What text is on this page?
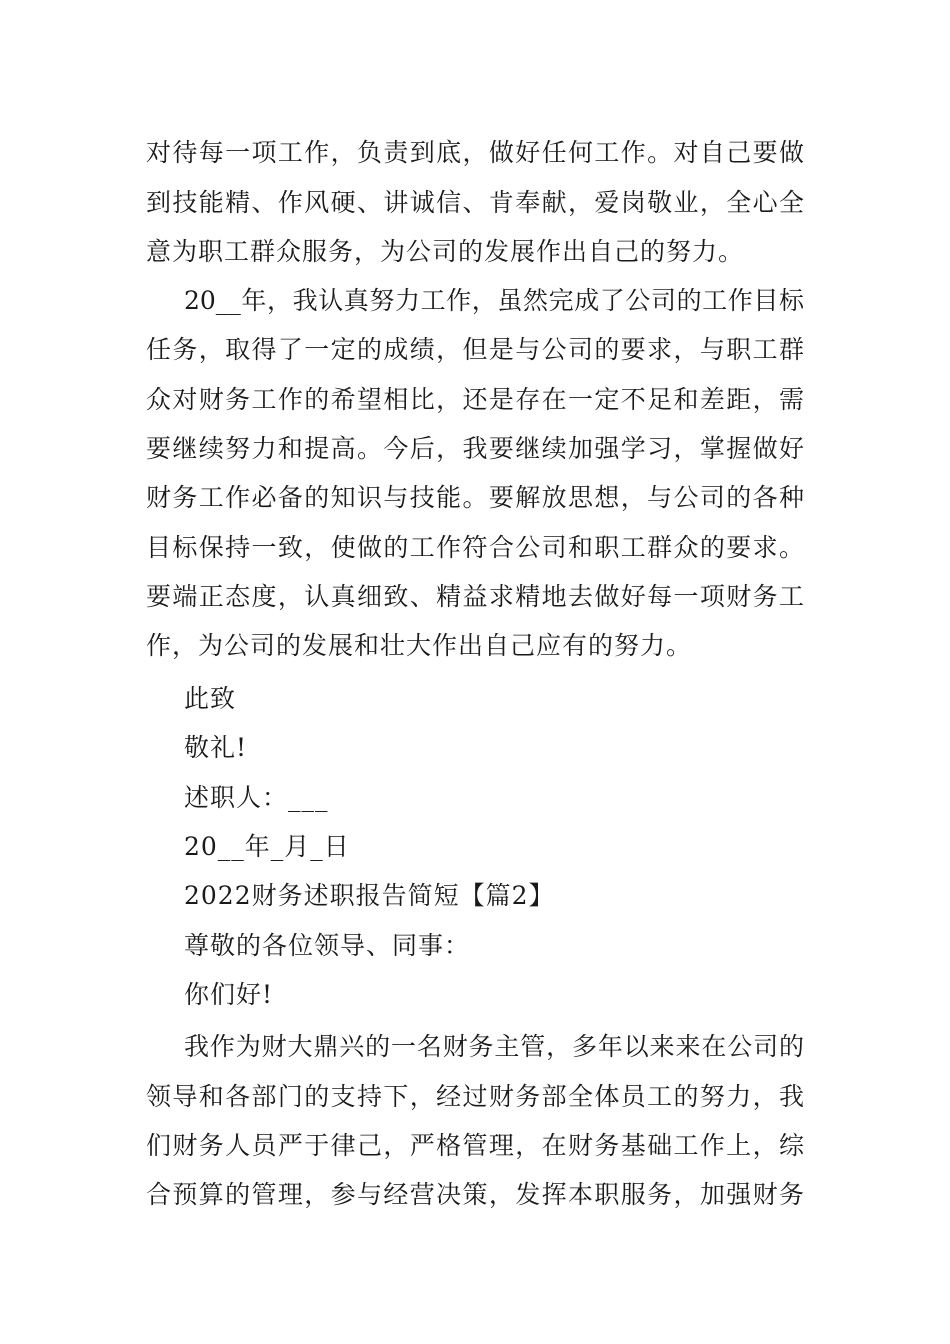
对待每一项工作，负责到底，做好任何工作。对自己要做
到技能精、作风硬、讲诚信、肯奉献，爱岗敬业，全心全
意为职工群众服务，为公司的发展作出自己的努力。
20__年，我认真努力工作，虽然完成了公司的工作目标
任务，取得了一定的成绩，但是与公司的要求，与职工群
众对财务工作的希望相比，还是存在一定不足和差距，需
要继续努力和提高。今后，我要继续加强学习，掌握做好
财务工作必备的知识与技能。要解放思想，与公司的各种
目标保持一致，使做的工作符合公司和职工群众的要求。
要端正态度，认真细致、精益求精地去做好每一项财务工
作，为公司的发展和壮大作出自己应有的努力。
此致
敬礼!
述职人：___
20__年_月_日
2022财务述职报告简短【篇2】
尊敬的各位领导、同事：
你们好!
我作为财大鼎兴的一名财务主管，多年以来来在公司的
领导和各部门的支持下，经过财务部全体员工的努力，我
们财务人员严于律己，严格管理，在财务基础工作上，综
合预算的管理，参与经营决策，发挥本职服务，加强财务
